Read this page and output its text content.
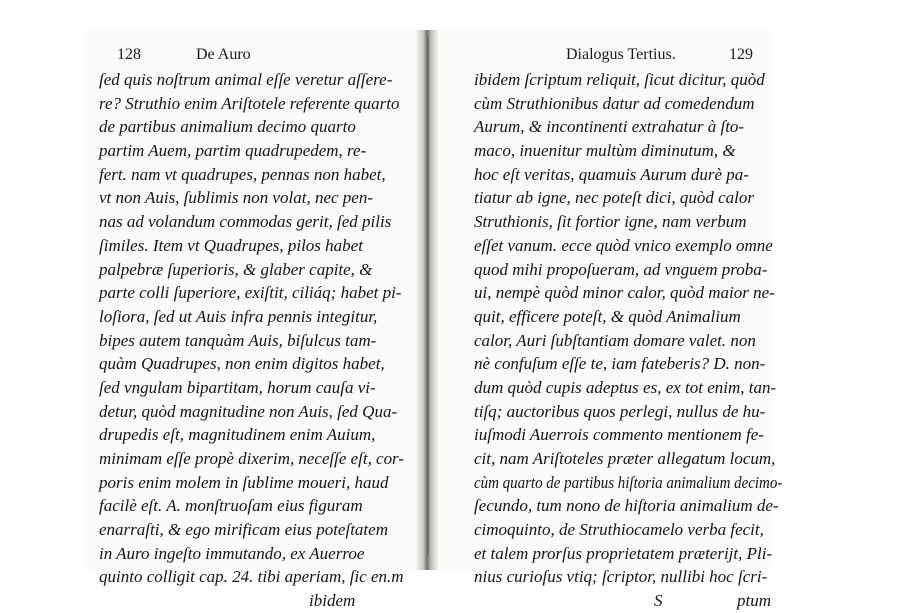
128	De Auro	Dialogus Tertius.	129
ſed quis noſtrum animal eſſe veretur aſſere-
re? Struthio enim Ariſtotele referente quarto
de partibus animalium decimo quarto
partim Auem, partim quadrupedem, re-
fert. nam vt quadrupes, pennas non habet,
vt non Auis, ſublimis non volat, nec pen-
nas ad volandum commodas gerit, ſed pilis
ſimiles. Item vt Quadrupes, pilos habet
palpebræ ſuperioris, & glaber capite, &
parte colli ſuperiore, exiſtit, ciliáq; habet pi-
loſiora, ſed ut Auis infra pennis integitur,
bipes autem tanquàm Auis, biſulcus tam-
quàm Quadrupes, non enim digitos habet,
ſed vngulam bipartitam, horum cauſa vi-
detur, quòd magnitudine non Auis, ſed Qua-
drupedis eſt, magnitudinem enim Auium,
minimam eſſe propè dixerim, neceſſe eſt, cor-
poris enim molem in ſublime moueri, haud
facilè eſt. A. monſtruoſam eius figuram
enarraſti, & ego mirificam eius poteſtatem
in Auro ingeſto immutando, ex Auerroe
quinto colligit cap. 24. tibi aperiam, ſic en.m
ibidem
ibidem ſcriptum reliquit, ſicut dicitur, quòd
cùm Struthionibus datur ad comedendum
Aurum, & incontinenti extrahatur à ſto-
maco, inuenitur multùm diminutum, &
hoc eſt veritas, quamuis Aurum durè pa-
tiatur ab igne, nec poteſt dici, quòd calor
Struthionis, ſit fortior igne, nam verbum
eſſet vanum. ecce quòd vnico exemplo omne
quod mihi propoſueram, ad vnguem proba-
ui, nempè quòd minor calor, quòd maior ne-
quit, efficere poteſt, & quòd Animalium
calor, Auri ſubſtantiam domare valet. non
nè confuſum eſſe te, iam fateberis? D. non-
dum quòd cupis adeptus es, ex tot enim, tan-
tiſq; auctoribus quos perlegi, nullus de hu-
iuſmodi Auerrois commento mentionem fe-
cit, nam Ariſtoteles præter allegatum locum,
cùm quarto de partibus hiſtoria animalium decimo-
ſecundo, tum nono de hiſtoria animalium de-
cimoquinto, de Struthiocamelo verba fecit,
et talem prorſus proprietatem præterijt, Pli-
nius curioſus vtiq; ſcriptor, nullibi hoc ſcri-
S	ptum
